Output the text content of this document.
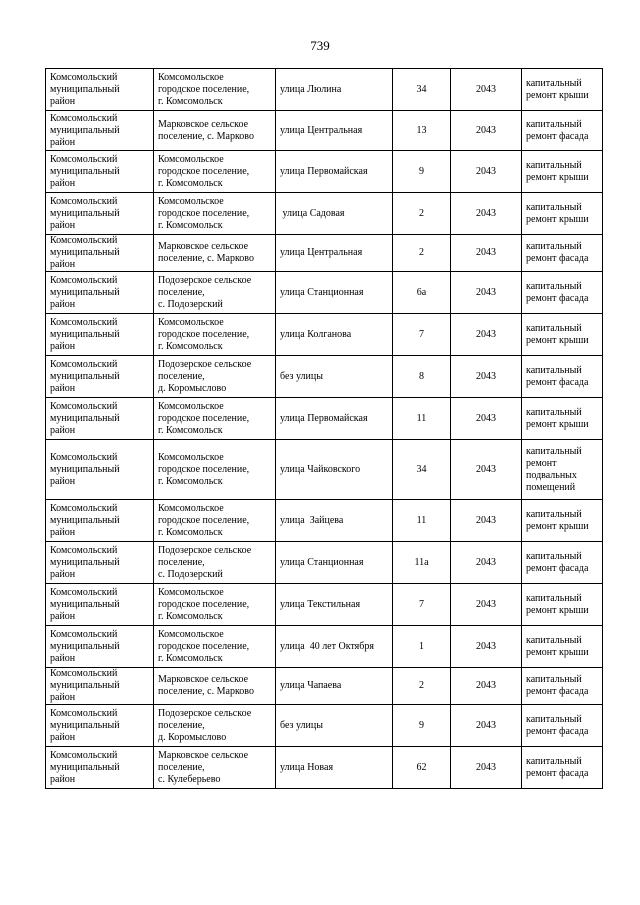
739
Комсомольский
муниципальный
район	Комсомольское
городское поселение,
г. Комсомольск	улица Люлина	34	2043	капитальный
ремонт крыши
Комсомольский
муниципальный
район	Марковское сельское
поселение, с. Марково	улица Центральная	13	2043	капитальный
ремонт фасада
Комсомольский
муниципальный
район	Комсомольское
городское поселение,
г. Комсомольск	улица Первомайская	9	2043	капитальный
ремонт крыши
Комсомольский
муниципальный
район	Комсомольское
городское поселение,
г. Комсомольск	улица Садовая	2	2043	капитальный
ремонт крыши
Комсомольский
муниципальный
район	Марковское сельское
поселение, с. Марково	улица Центральная	2	2043	капитальный
ремонт фасада
Комсомольский
муниципальный
район	Подозерское сельское
поселение,
с. Подозерский	улица Станционная	6а	2043	капитальный
ремонт фасада
Комсомольский
муниципальный
район	Комсомольское
городское поселение,
г. Комсомольск	улица Колганова	7	2043	капитальный
ремонт крыши
Комсомольский
муниципальный
район	Подозерское сельское
поселение,
д. Коромыслово	без улицы	8	2043	капитальный
ремонт фасада
Комсомольский
муниципальный
район	Комсомольское
городское поселение,
г. Комсомольск	улица Первомайская	11	2043	капитальный
ремонт крыши
Комсомольский
муниципальный
район	Комсомольское
городское поселение,
г. Комсомольск	улица Чайковского	34	2043	капитальный
ремонт
подвальных
помещений
Комсомольский
муниципальный
район	Комсомольское
городское поселение,
г. Комсомольск	улица  Зайцева	11	2043	капитальный
ремонт крыши
Комсомольский
муниципальный
район	Подозерское сельское
поселение,
с. Подозерский	улица Станционная	11а	2043	капитальный
ремонт фасада
Комсомольский
муниципальный
район	Комсомольское
городское поселение,
г. Комсомольск	улица Текстильная	7	2043	капитальный
ремонт крыши
Комсомольский
муниципальный
район	Комсомольское
городское поселение,
г. Комсомольск	улица  40 лет Октября	1	2043	капитальный
ремонт крыши
Комсомольский
муниципальный
район	Марковское сельское
поселение, с. Марково	улица Чапаева	2	2043	капитальный
ремонт фасада
Комсомольский
муниципальный
район	Подозерское сельское
поселение,
д. Коромыслово	без улицы	9	2043	капитальный
ремонт фасада
Комсомольский
муниципальный
район	Марковское сельское
поселение,
с. Кулеберьево	улица Новая	62	2043	капитальный
ремонт фасада
